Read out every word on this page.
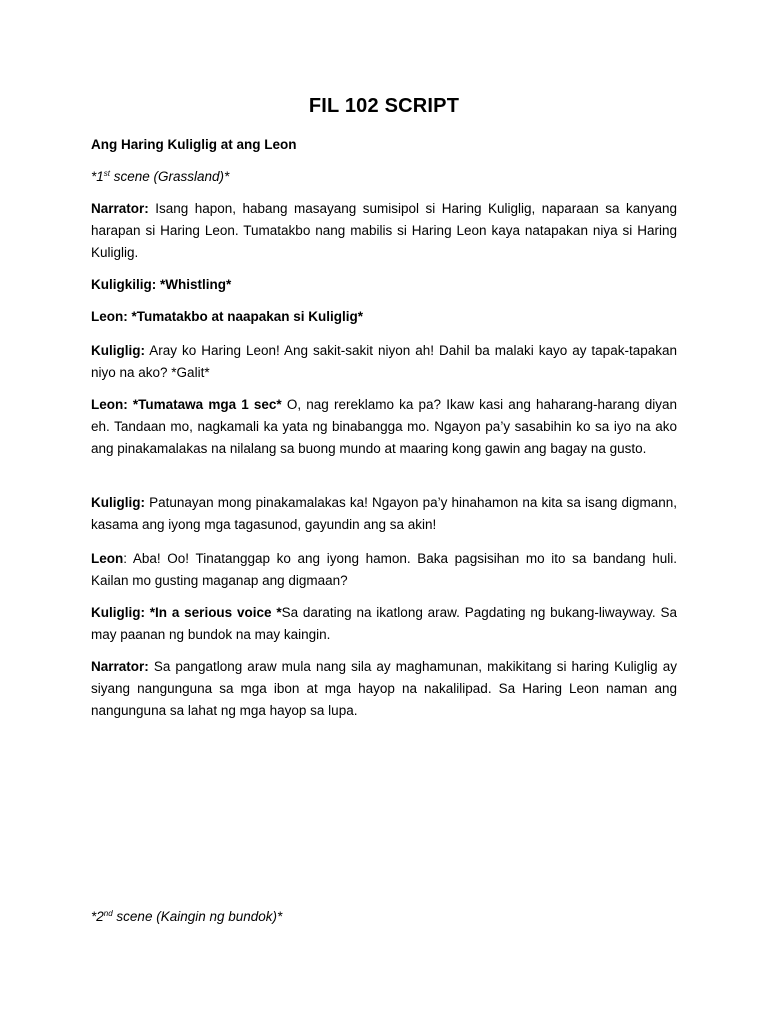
FIL 102 SCRIPT
Ang Haring Kuliglig at ang Leon
*1st scene (Grassland)*

Narrator: Isang hapon, habang masayang sumisipol si Haring Kuliglig, naparaan sa kanyang harapan si Haring Leon. Tumatakbo nang mabilis si Haring Leon kaya natapakan niya si Haring Kuliglig.

Kuligkilig: *Whistling*

Leon: *Tumatakbo at naapakan si Kuliglig*

Kuliglig: Aray ko Haring Leon! Ang sakit-sakit niyon ah! Dahil ba malaki kayo ay tapak-tapakan niyo na ako? *Galit*

Leon: *Tumatawa mga 1 sec* O, nag rereklamo ka pa? Ikaw kasi ang haharang-harang diyan eh. Tandaan mo, nagkamali ka yata ng binabangga mo. Ngayon pa’y sasabihin ko sa iyo na ako ang pinakamalakas na nilalang sa buong mundo at maaring kong gawin ang bagay na gusto.

Kuliglig: Patunayan mong pinakamalakas ka! Ngayon pa’y hinahamon na kita sa isang digmann, kasama ang iyong mga tagasunod, gayundin ang sa akin!

Leon: Aba! Oo! Tinatanggap ko ang iyong hamon. Baka pagsisihan mo ito sa bandang huli. Kailan mo gusting maganap ang digmaan?

Kuliglig: *In a serious voice *Sa darating na ikatlong araw. Pagdating ng bukang-liwayway. Sa may paanan ng bundok na may kaingin.

Narrator: Sa pangatlong araw mula nang sila ay maghamunan, makikitang si haring Kuliglig ay siyang nangunguna sa mga ibon at mga hayop na nakalilipad. Sa Haring Leon naman ang nangunguna sa lahat ng mga hayop sa lupa.

*2nd scene (Kaingin ng bundok)*
